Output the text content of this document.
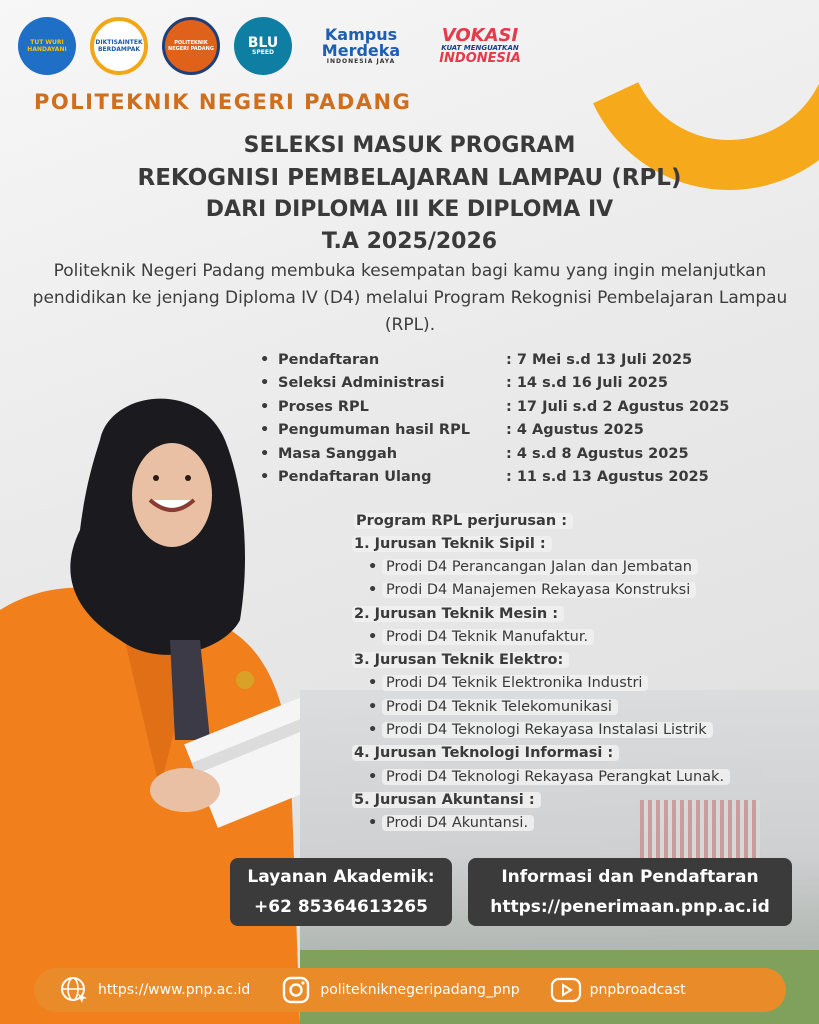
TUT WURI HANDAYANI
DIKTISAINTEK BERDAMPAK
POLITEKNIK NEGERI PADANG BLU
SPEED
Kampus
Merdeka
INDONESIA JAYA
VOKASI
KUAT MENGUATKAN
INDONESIA
POLITEKNIK NEGERI PADANG
SELEKSI MASUK PROGRAM
REKOGNISI PEMBELAJARAN LAMPAU (RPL)
DARI DIPLOMA III KE DIPLOMA IV
T.A 2025/2026
Politeknik Negeri Padang membuka kesempatan bagi kamu yang ingin melanjutkan pendidikan ke jenjang Diploma IV (D4) melalui Program Rekognisi Pembelajaran Lampau (RPL).
• Pendaftaran	: 7 Mei s.d 13 Juli 2025
• Seleksi Administrasi	: 14 s.d 16 Juli 2025
• Proses RPL	: 17 Juli s.d 2 Agustus 2025
• Pengumuman hasil RPL	: 4 Agustus 2025
• Masa Sanggah	: 4 s.d 8 Agustus 2025
• Pendaftaran Ulang	: 11 s.d 13 Agustus 2025
Program RPL perjurusan :
1. Jurusan Teknik Sipil :
• Prodi D4 Perancangan Jalan dan Jembatan
• Prodi D4 Manajemen Rekayasa Konstruksi
2. Jurusan Teknik Mesin :
• Prodi D4 Teknik Manufaktur.
3. Jurusan Teknik Elektro:
• Prodi D4 Teknik Elektronika Industri
• Prodi D4 Teknik Telekomunikasi
• Prodi D4 Teknologi Rekayasa Instalasi Listrik
4. Jurusan Teknologi Informasi :
• Prodi D4 Teknologi Rekayasa Perangkat Lunak.
5. Jurusan Akuntansi :
• Prodi D4 Akuntansi.
Layanan Akademik:
+62 85364613265
Informasi dan Pendaftaran
https://penerimaan.pnp.ac.id
https://www.pnp.ac.id	politekniknegeripadang_pnp	pnpbroadcast
